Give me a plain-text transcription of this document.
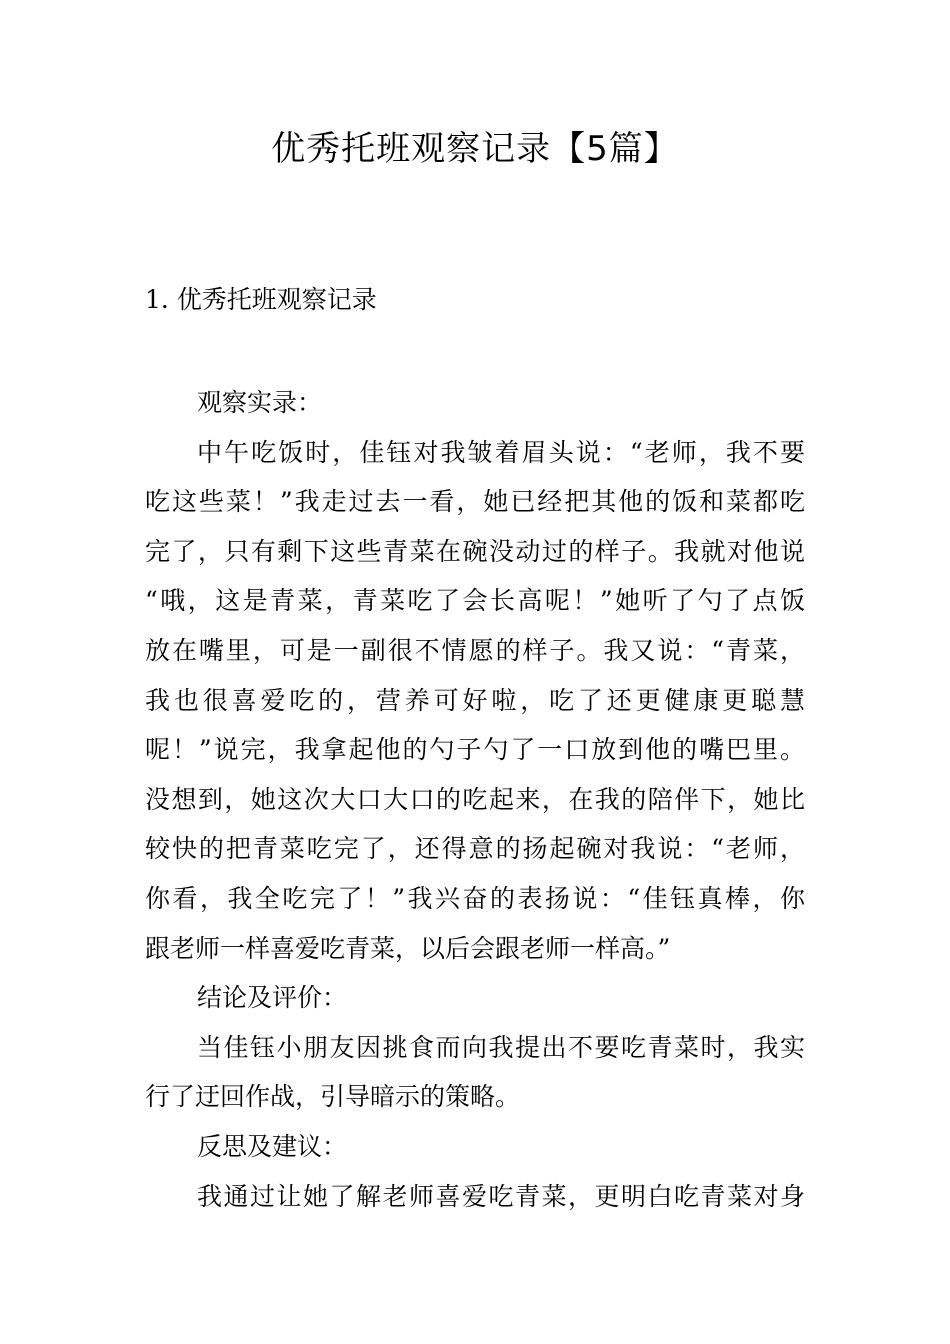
优秀托班观察记录【5篇】
1. 优秀托班观察记录
观察实录：
中午吃饭时，佳钰对我皱着眉头说：“老师，我不要
吃这些菜！”我走过去一看，她已经把其他的饭和菜都吃
完了，只有剩下这些青菜在碗没动过的样子。我就对他说
“哦，这是青菜，青菜吃了会长高呢！”她听了勺了点饭
放在嘴里，可是一副很不情愿的样子。我又说：“青菜，
我也很喜爱吃的，营养可好啦，吃了还更健康更聪慧
呢！”说完，我拿起他的勺子勺了一口放到他的嘴巴里。
没想到，她这次大口大口的吃起来，在我的陪伴下，她比
较快的把青菜吃完了，还得意的扬起碗对我说：“老师，
你看，我全吃完了！”我兴奋的表扬说：“佳钰真棒，你
跟老师一样喜爱吃青菜，以后会跟老师一样高。”
结论及评价：
当佳钰小朋友因挑食而向我提出不要吃青菜时，我实
行了迂回作战，引导暗示的策略。
反思及建议：
我通过让她了解老师喜爱吃青菜，更明白吃青菜对身
